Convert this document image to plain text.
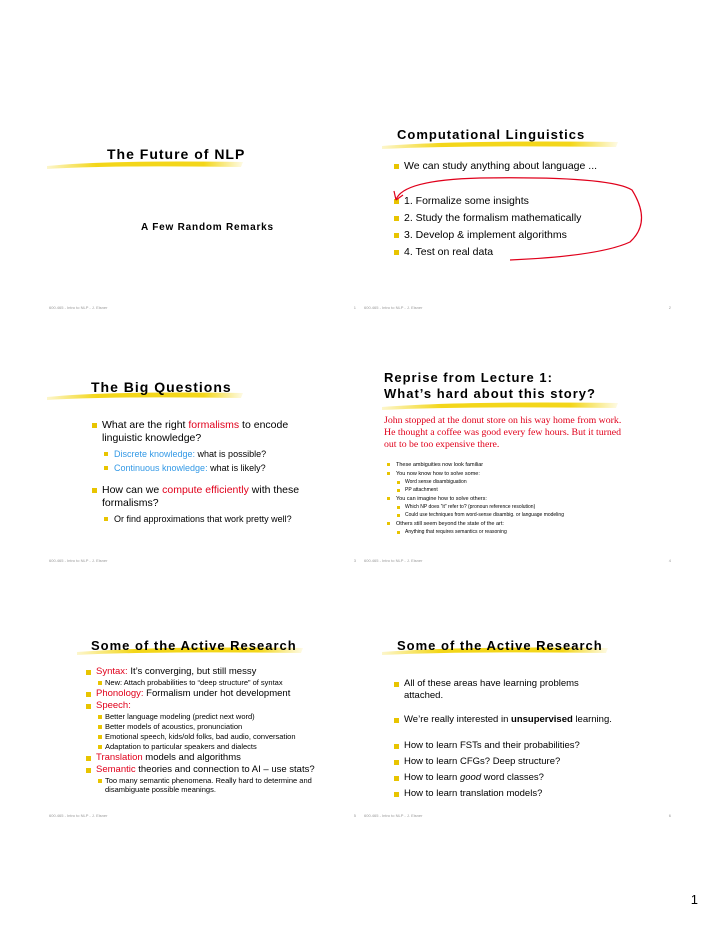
The Future of NLP
A Few Random Remarks
600.465 - Intro to NLP - J. Eisner	1
Computational Linguistics
We can study anything about language ...
1. Formalize some insights
2. Study the formalism mathematically
3. Develop & implement algorithms
4. Test on real data
600.465 - Intro to NLP - J. Eisner	2
The Big Questions
What are the right formalisms to encode linguistic knowledge?
Discrete knowledge: what is possible?
Continuous knowledge: what is likely?
How can we compute efficiently with these formalisms?
Or find approximations that work pretty well?
600.465 - Intro to NLP - J. Eisner	3
Reprise from Lecture 1:
What’s hard about this story?
John stopped at the donut store on his way home from work. He thought a coffee was good every few hours. But it turned out to be too expensive there.
These ambiguities now look familiar
You now know how to solve some:
Word sense disambiguation
PP attachment
You can imagine how to solve others:
Which NP does “it” refer to? (pronoun reference resolution)
Could use techniques from word-sense disambig. or language modeling
Others still seem beyond the state of the art:
Anything that requires semantics or reasoning
600.465 - Intro to NLP - J. Eisner	4
Some of the Active Research
Syntax: It’s converging, but still messy
New: Attach probabilities to “deep structure” of syntax
Phonology: Formalism under hot development
Speech:
Better language modeling (predict next word)
Better models of acoustics, pronunciation
Emotional speech, kids/old folks, bad audio, conversation
Adaptation to particular speakers and dialects
Translation models and algorithms
Semantic theories and connection to AI – use stats?
Too many semantic phenomena. Really hard to determine and disambiguate possible meanings.
600.465 - Intro to NLP - J. Eisner	5
Some of the Active Research
All of these areas have learning problems attached.
We’re really interested in unsupervised learning.
How to learn FSTs and their probabilities?
How to learn CFGs? Deep structure?
How to learn good word classes?
How to learn translation models?
600.465 - Intro to NLP - J. Eisner	6
1
